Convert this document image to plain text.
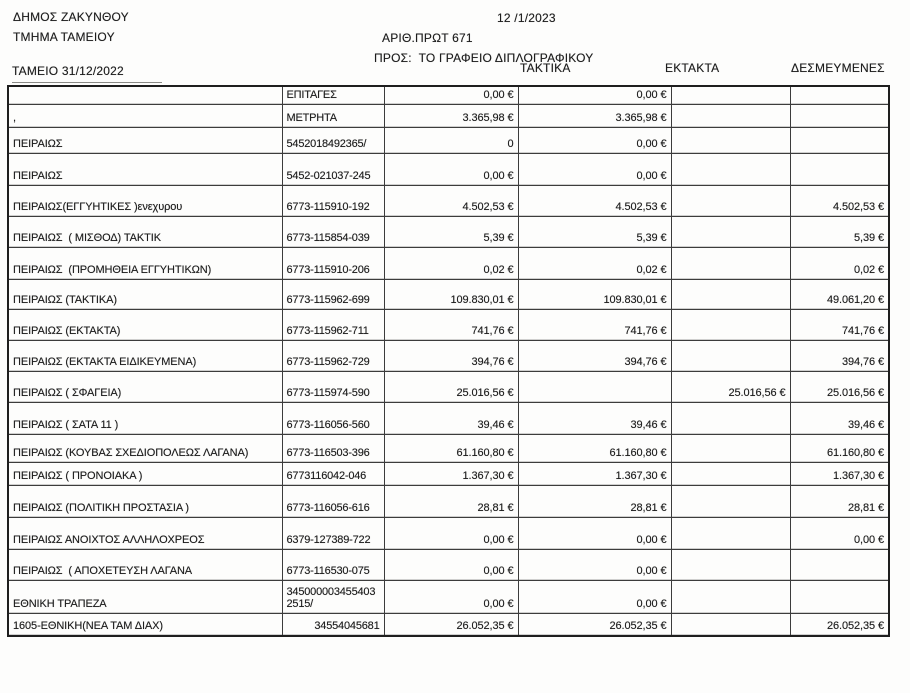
ΔΗΜΟΣ ΖΑΚΥΝΘΟΥ
ΤΜΗΜΑ ΤΑΜΕΙΟΥ
12 /1/2023
ΑΡΙΘ.ΠΡΩΤ 671
ΠΡΟΣ:  ΤΟ ΓΡΑΦΕΙΟ ΔΙΠΛΟΓΡΑΦΙΚΟΥ
ΤΑΜΕΙΟ 31/12/2022	ΤΑΚΤΙΚΑ	ΕΚΤΑΚΤΑ	ΔΕΣΜΕΥΜΕΝΕΣ
	ΕΠΙΤΑΓΕΣ	0,00 €	0,00 €		
,	ΜΕΤΡΗΤΑ	3.365,98 €	3.365,98 €		
ΠΕΙΡΑΙΩΣ	5452018492365/	0	0,00 €		
ΠΕΙΡΑΙΩΣ	5452-021037-245	0,00 €	0,00 €		
ΠΕΙΡΑΙΩΣ(ΕΓΓΥΗΤΙΚΕΣ )ενεχυρου	6773-115910-192	4.502,53 €	4.502,53 €		4.502,53 €
ΠΕΙΡΑΙΩΣ  ( ΜΙΣΘΟΔ) ΤΑΚΤΙΚ	6773-115854-039	5,39 €	5,39 €		5,39 €
ΠΕΙΡΑΙΩΣ  (ΠΡΟΜΗΘΕΙΑ ΕΓΓΥΗΤΙΚΩΝ)	6773-115910-206	0,02 €	0,02 €		0,02 €
ΠΕΙΡΑΙΩΣ (ΤΑΚΤΙΚΑ)	6773-115962-699	109.830,01 €	109.830,01 €		49.061,20 €
ΠΕΙΡΑΙΩΣ (ΕΚΤΑΚΤΑ)	6773-115962-711	741,76 €	741,76 €		741,76 €
ΠΕΙΡΑΙΩΣ (ΕΚΤΑΚΤΑ ΕΙΔΙΚΕΥΜΕΝΑ)	6773-115962-729	394,76 €	394,76 €		394,76 €
ΠΕΙΡΑΙΩΣ ( ΣΦΑΓΕΙΑ)	6773-115974-590	25.016,56 €		25.016,56 €	25.016,56 €
ΠΕΙΡΑΙΩΣ ( ΣΑΤΑ 11 )	6773-116056-560	39,46 €	39,46 €		39,46 €
ΠΕΙΡΑΙΩΣ (ΚΟΥΒΑΣ ΣΧΕΔΙΟΠΟΛΕΩΣ ΛΑΓΑΝΑ)	6773-116503-396	61.160,80 €	61.160,80 €		61.160,80 €
ΠΕΙΡΑΙΩΣ ( ΠΡΟΝΟΙΑΚΑ )	6773116042-046	1.367,30 €	1.367,30 €		1.367,30 €
ΠΕΙΡΑΙΩΣ (ΠΟΛΙΤΙΚΗ ΠΡΟΣΤΑΣΙΑ )	6773-116056-616	28,81 €	28,81 €		28,81 €
ΠΕΙΡΑΙΩΣ ΑΝΟΙΧΤΟΣ ΑΛΛΗΛΟΧΡΕΟΣ	6379-127389-722	0,00 €	0,00 €		0,00 €
ΠΕΙΡΑΙΩΣ  ( ΑΠΟΧΕΤΕΥΣΗ ΛΑΓΑΝΑ	6773-116530-075	0,00 €	0,00 €		
ΕΘΝΙΚΗ ΤΡΑΠΕΖΑ	345000003455403 2515/	0,00 €	0,00 €		
1605-ΕΘΝΙΚΗ(ΝΕΑ ΤΑΜ ΔΙΑΧ)	34554045681	26.052,35 €	26.052,35 €		26.052,35 €
